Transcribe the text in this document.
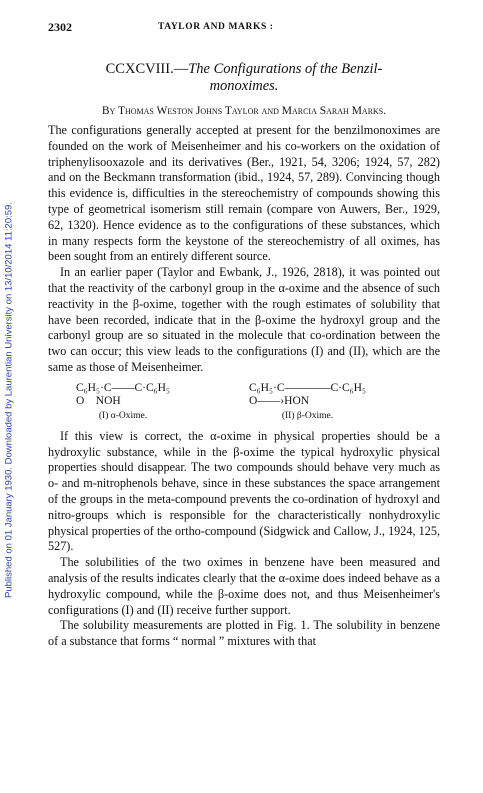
Published on 01 January 1930. Downloaded by Laurentian University on 13/10/2014 11:20:59.
2302	TAYLOR AND MARKS :
CCXCVIII.—The Configurations of the Benzil-
monoximes.
By Thomas Weston Johns Taylor and Marcia Sarah Marks.

The configurations generally accepted at present for the benzilmonoximes are founded on the work of Meisenheimer and his co-workers on the oxidation of triphenylisooxazole and its derivatives (Ber., 1921, 54, 3206; 1924, 57, 282) and on the Beckmann transformation (ibid., 1924, 57, 289). Convincing though this evidence is, difficulties in the stereochemistry of compounds showing this type of geometrical isomerism still remain (compare von Auwers, Ber., 1929, 62, 1320). Hence evidence as to the configurations of these substances, which in many respects form the keystone of the stereochemistry of all oximes, has been sought from an entirely different source.

In an earlier paper (Taylor and Ewbank, J., 1926, 2818), it was pointed out that the reactivity of the carbonyl group in the α-oxime and the absence of such reactivity in the β-oxime, together with the rough estimates of solubility that have been recorded, indicate that in the β-oxime the hydroxyl group and the carbonyl group are so situated in the molecule that co-ordination between the two can occur; this view leads to the configurations (I) and (II), which are the same as those of Meisenheimer.

C₆H₅·C——C·C₆H₅
O    NOH
(I) α-Oxime.
C₆H₅·C————C·C₆H₅
O——›HON
(II) β-Oxime.

If this view is correct, the α-oxime in physical properties should be a hydroxylic substance, while in the β-oxime the typical hydroxylic physical properties should disappear. The two compounds should behave very much as o- and m-nitrophenols behave, since in these substances the space arrangement of the groups in the meta-compound prevents the co-ordination of hydroxyl and nitro-groups which is responsible for the characteristically nonhydroxylic physical properties of the ortho-compound (Sidgwick and Callow, J., 1924, 125, 527).

The solubilities of the two oximes in benzene have been measured and analysis of the results indicates clearly that the α-oxime does indeed behave as a hydroxylic compound, while the β-oxime does not, and thus Meisenheimer's configurations (I) and (II) receive further support.

The solubility measurements are plotted in Fig. 1. The solubility in benzene of a substance that forms “ normal ” mixtures with that
